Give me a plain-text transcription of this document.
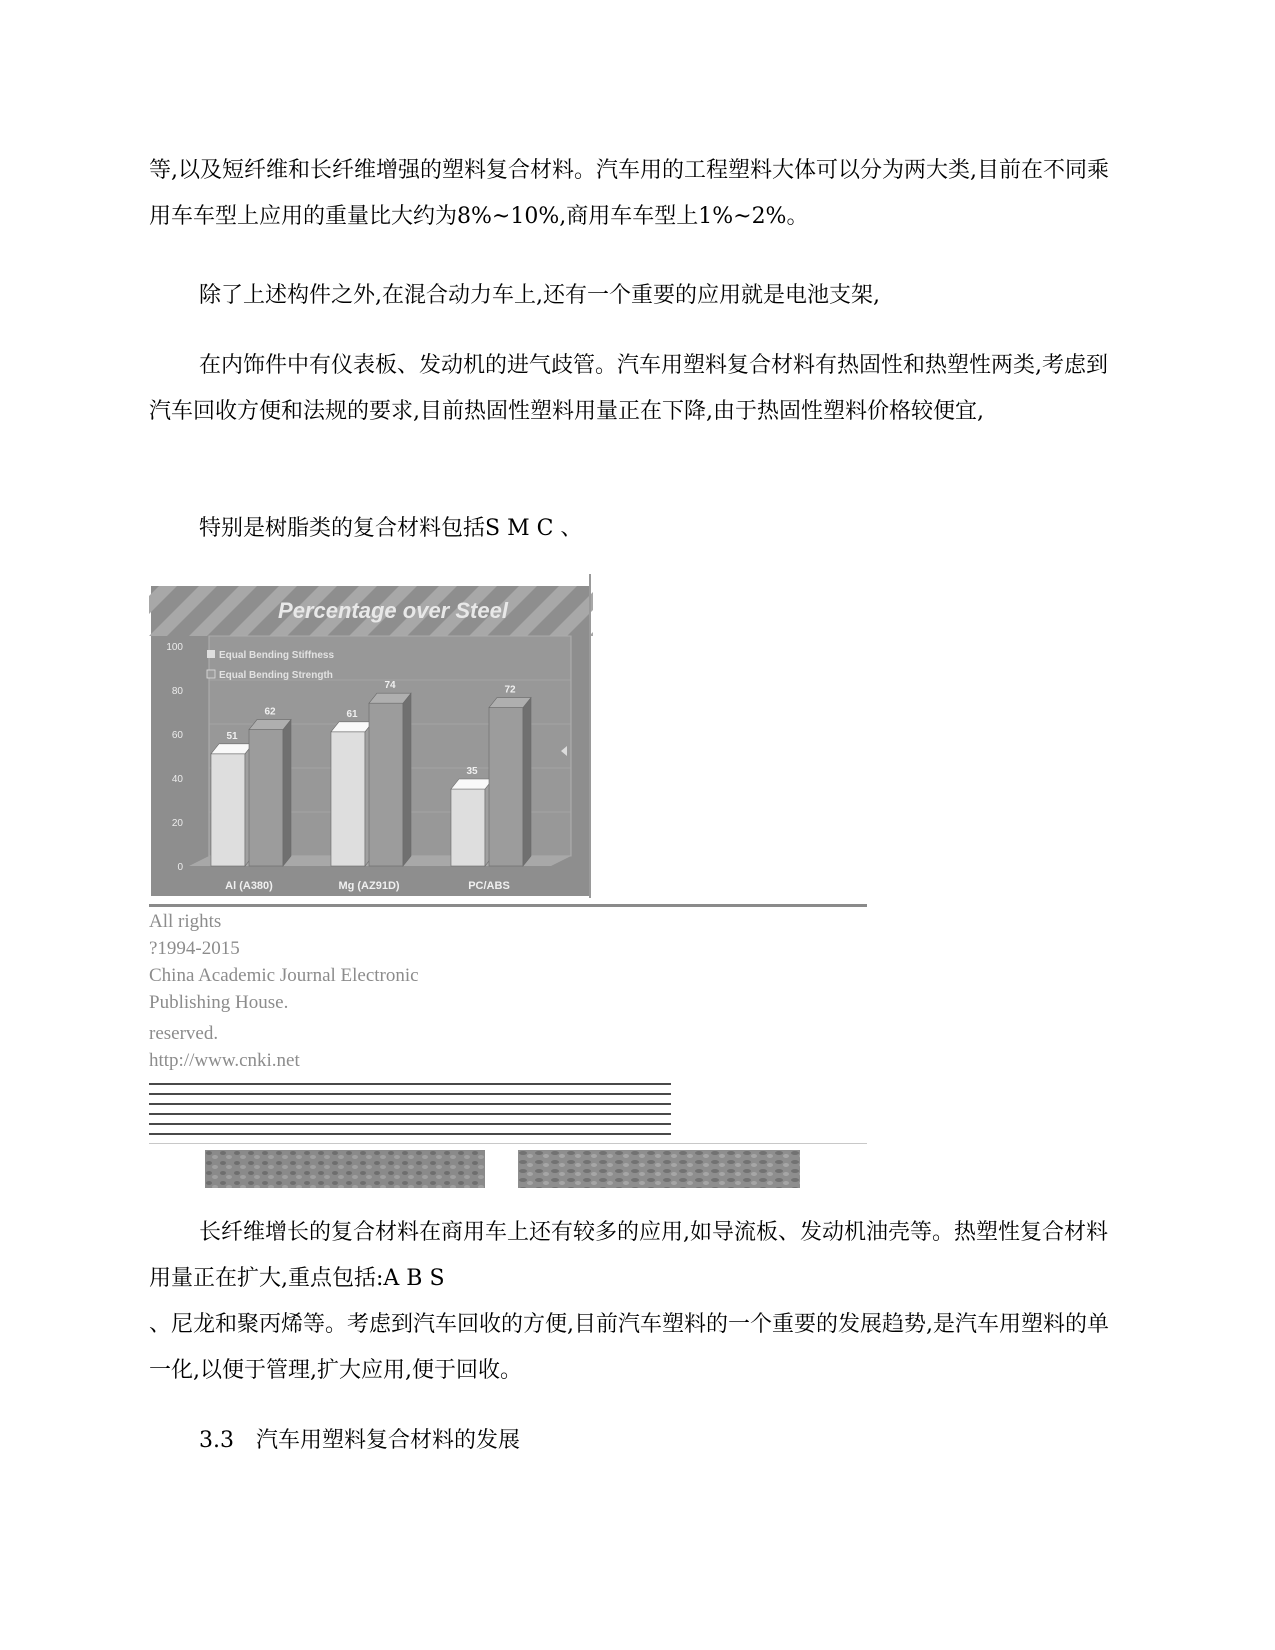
等,以及短纤维和长纤维增强的塑料复合材料。汽车用的工程塑料大体可以分为两大类,目前在不同乘用车车型上应用的重量比大约为8%~10%,商用车车型上1%~2%。

除了上述构件之外,在混合动力车上,还有一个重要的应用就是电池支架,

在内饰件中有仪表板、发动机的进气歧管。汽车用塑料复合材料有热固性和热塑性两类,考虑到汽车回收方便和法规的要求,目前热固性塑料用量正在下降,由于热固性塑料价格较便宜,

特别是树脂类的复合材料包括S M C 、

Percentage over Steel
0
20
40
60
80
100
51
62	61
74
35
72
Al (A380)	Mg (AZ91D)	PC/ABS
Equal Bending Stiffness
Equal Bending Strength
All rights
?1994-2015
China Academic Journal Electronic
Publishing House.
reserved.
http://www.cnki.net

长纤维增长的复合材料在商用车上还有较多的应用,如导流板、发动机油壳等。热塑性复合材料用量正在扩大,重点包括:A B S

、尼龙和聚丙烯等。考虑到汽车回收的方便,目前汽车塑料的一个重要的发展趋势,是汽车用塑料的单一化,以便于管理,扩大应用,便于回收。

3.3　汽车用塑料复合材料的发展
